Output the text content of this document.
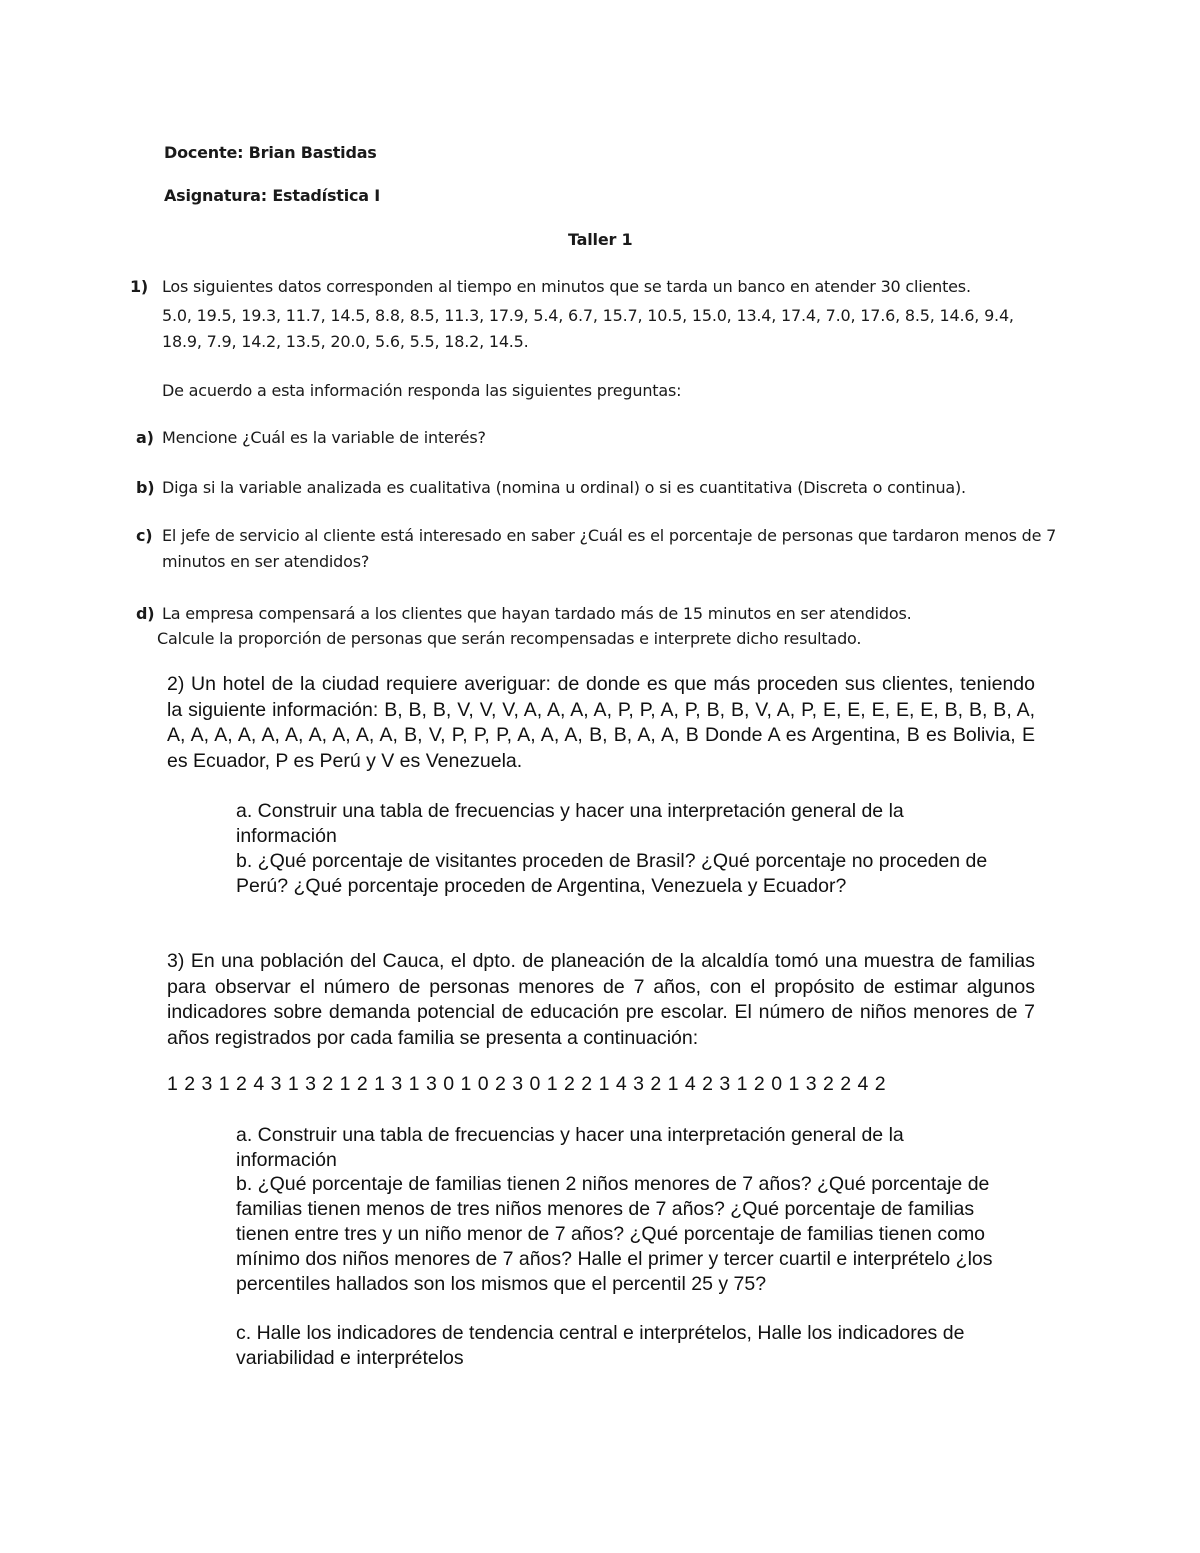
Docente: Brian Bastidas
Asignatura: Estadística I
Taller 1
1) Los siguientes datos corresponden al tiempo en minutos que se tarda un banco en atender 30 clientes.
5.0, 19.5, 19.3, 11.7, 14.5, 8.8, 8.5, 11.3, 17.9, 5.4, 6.7, 15.7, 10.5, 15.0, 13.4, 17.4, 7.0, 17.6, 8.5, 14.6, 9.4, 18.9, 7.9, 14.2, 13.5, 20.0, 5.6, 5.5, 18.2, 14.5.
De acuerdo a esta información responda las siguientes preguntas:
a) Mencione ¿Cuál es la variable de interés?
b) Diga si la variable analizada es cualitativa (nomina u ordinal) o si es cuantitativa (Discreta o continua).
c) El jefe de servicio al cliente está interesado en saber ¿Cuál es el porcentaje de personas que tardaron menos de 7 minutos en ser atendidos?
d) La empresa compensará a los clientes que hayan tardado más de 15 minutos en ser atendidos.
Calcule la proporción de personas que serán recompensadas e interprete dicho resultado.
2) Un hotel de la ciudad requiere averiguar: de donde es que más proceden sus clientes, teniendo la siguiente información: B, B, B, V, V, V, A, A, A, A, P, P, A, P, B, B, V, A, P, E, E, E, E, E, B, B, B, A, A, A, A, A, A, A, A, A, A, A, B, V, P, P, P, A, A, A, B, B, A, A, B Donde A es Argentina, B es Bolivia, E es Ecuador, P es Perú y V es Venezuela.
a. Construir una tabla de frecuencias y hacer una interpretación general de la información
b. ¿Qué porcentaje de visitantes proceden de Brasil? ¿Qué porcentaje no proceden de Perú? ¿Qué porcentaje proceden de Argentina, Venezuela y Ecuador?
3) En una población del Cauca, el dpto. de planeación de la alcaldía tomó una muestra de familias para observar el número de personas menores de 7 años, con el propósito de estimar algunos indicadores sobre demanda potencial de educación pre escolar. El número de niños menores de 7 años registrados por cada familia se presenta a continuación:
1 2 3 1 2 4 3 1 3 2 1 2 1 3 1 3 0 1 0 2 3 0 1 2 2 1 4 3 2 1 4 2 3 1 2 0 1 3 2 2 4 2
a. Construir una tabla de frecuencias y hacer una interpretación general de la información
b. ¿Qué porcentaje de familias tienen 2 niños menores de 7 años? ¿Qué porcentaje de familias tienen menos de tres niños menores de 7 años? ¿Qué porcentaje de familias tienen entre tres y un niño menor de 7 años? ¿Qué porcentaje de familias tienen como mínimo dos niños menores de 7 años? Halle el primer y tercer cuartil e interprételo ¿los percentiles hallados son los mismos que el percentil 25 y 75?
c. Halle los indicadores de tendencia central e interprételos, Halle los indicadores de variabilidad e interprételos
